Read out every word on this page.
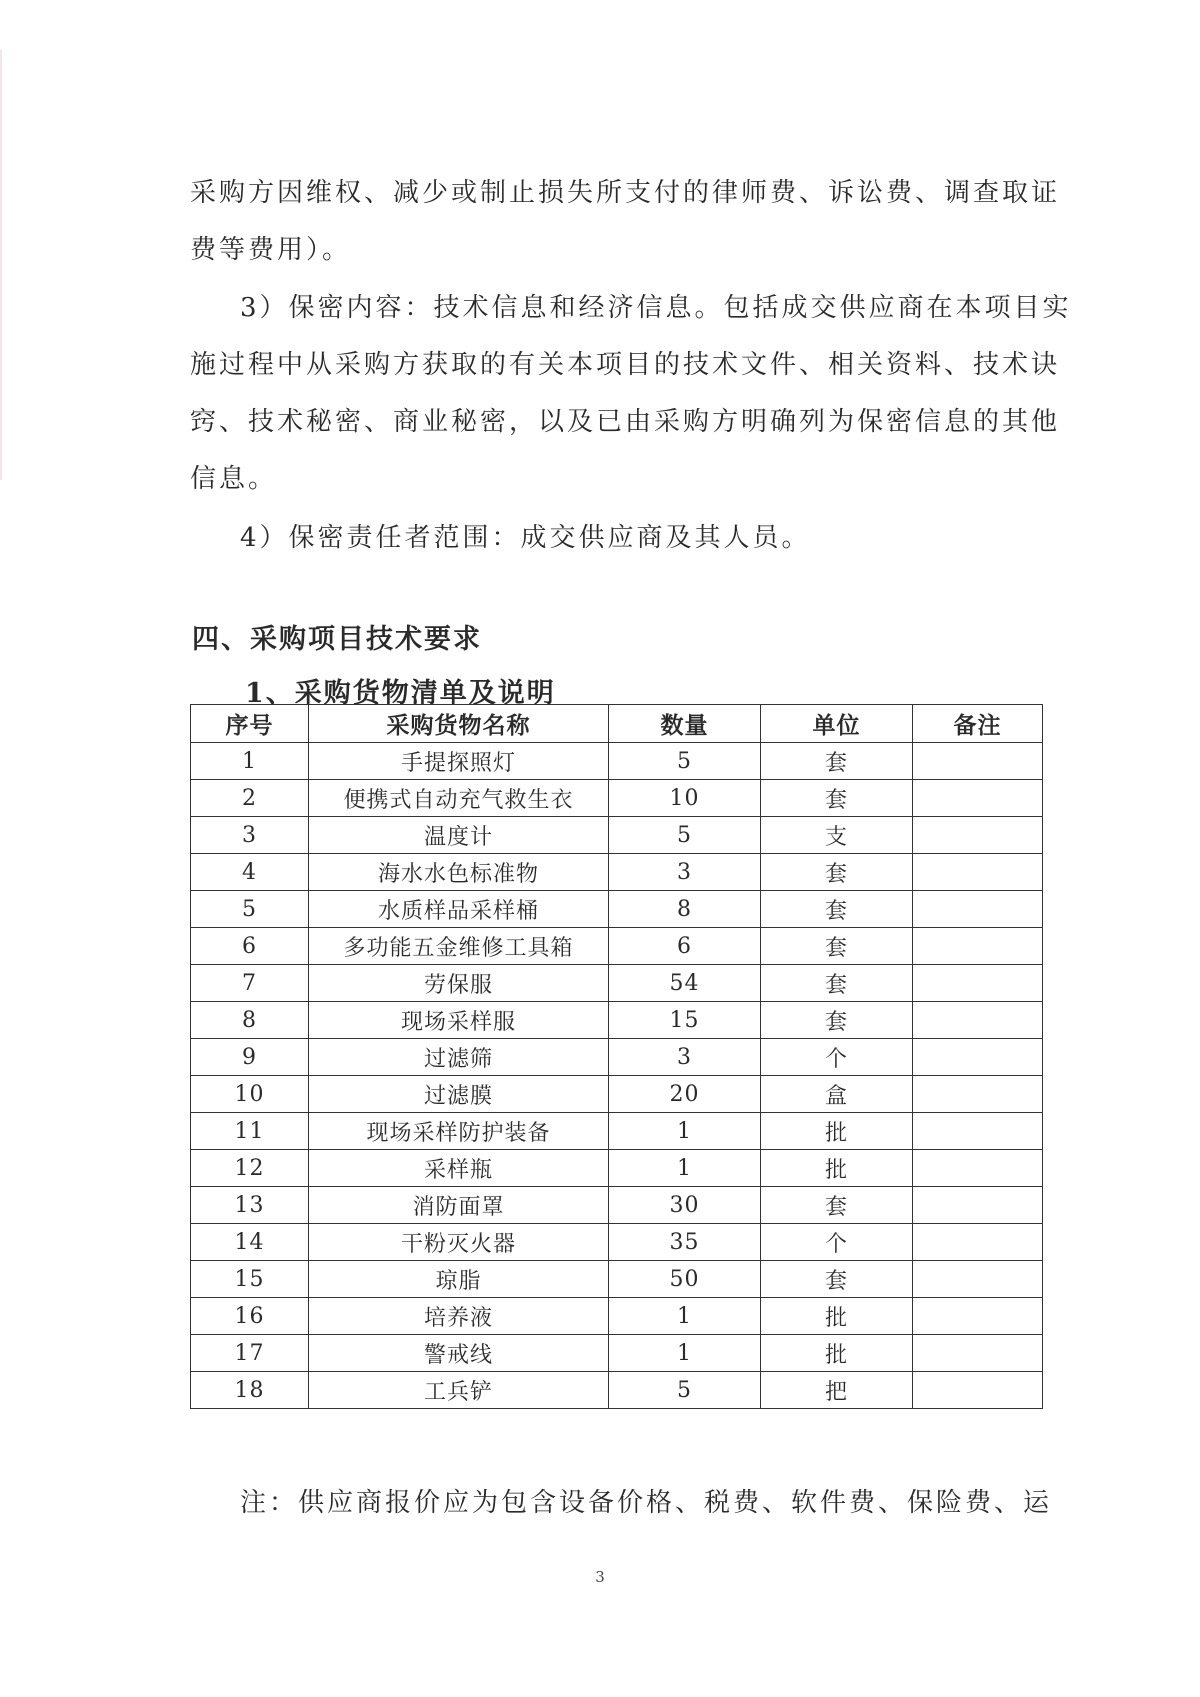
采购方因维权、减少或制止损失所支付的律师费、诉讼费、调查取证
费等费用）。
3）保密内容：技术信息和经济信息。包括成交供应商在本项目实
施过程中从采购方获取的有关本项目的技术文件、相关资料、技术诀
窍、技术秘密、商业秘密，以及已由采购方明确列为保密信息的其他
信息。
4）保密责任者范围：成交供应商及其人员。
四、采购项目技术要求
1、采购货物清单及说明
序号	采购货物名称	数量	单位	备注
1	手提探照灯	5	套	
2	便携式自动充气救生衣	10	套	
3	温度计	5	支	
4	海水水色标准物	3	套	
5	水质样品采样桶	8	套	
6	多功能五金维修工具箱	6	套	
7	劳保服	54	套	
8	现场采样服	15	套	
9	过滤筛	3	个	
10	过滤膜	20	盒	
11	现场采样防护装备	1	批	
12	采样瓶	1	批	
13	消防面罩	30	套	
14	干粉灭火器	35	个	
15	琼脂	50	套	
16	培养液	1	批	
17	警戒线	1	批	
18	工兵铲	5	把	
注：供应商报价应为包含设备价格、税费、软件费、保险费、运
3
